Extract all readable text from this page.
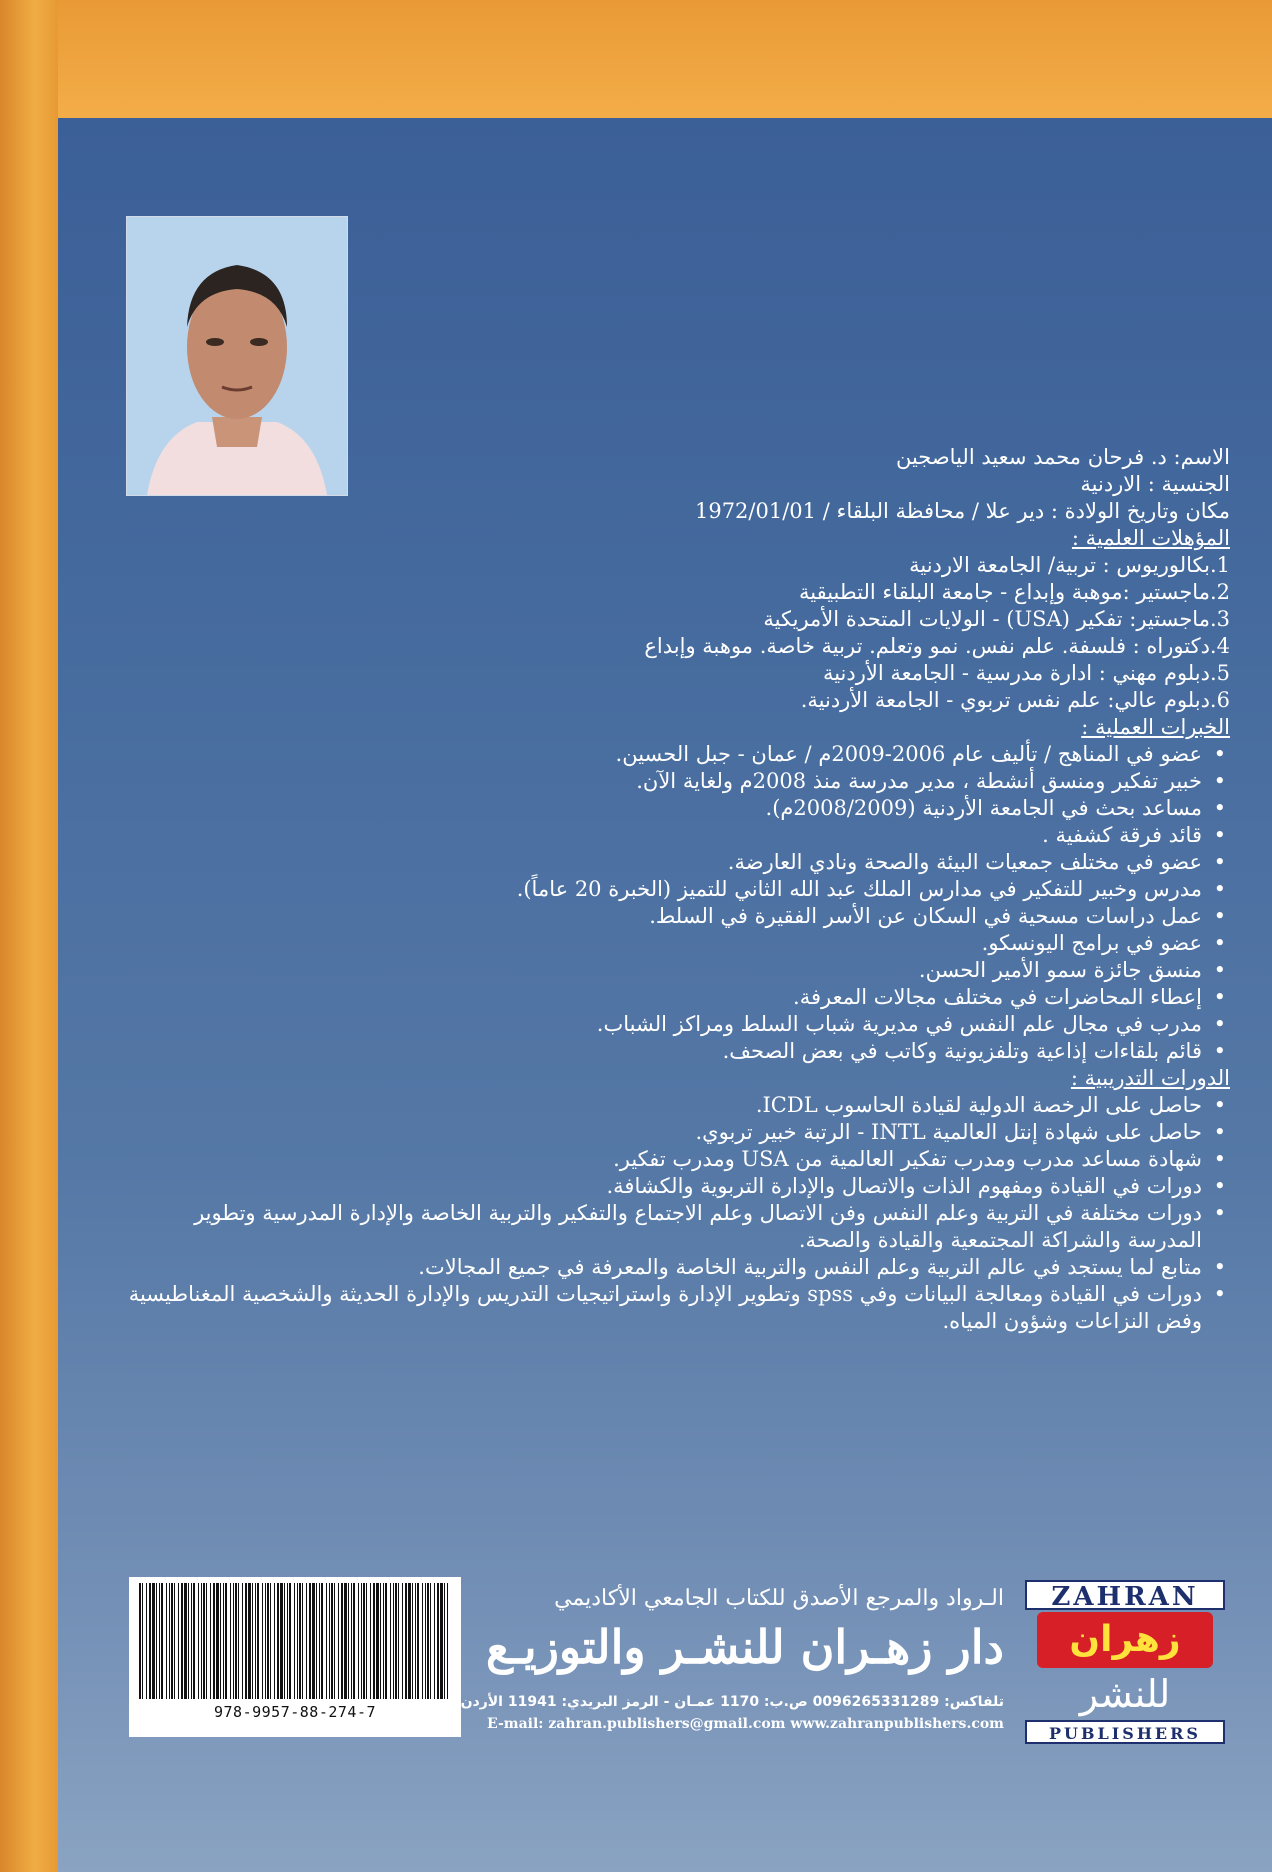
الاسم: د. فرحان محمد سعيد الياصجين
الجنسية : الاردنية
مكان وتاريخ الولادة : دير علا / محافظة البلقاء / 1972/01/01
المؤهلات العلمية :
1.بكالوريوس : تربية/ الجامعة الاردنية
2.ماجستير :موهبة وإبداع - جامعة البلقاء التطبيقية
3.ماجستير: تفكير (USA) - الولايات المتحدة الأمريكية
4.دكتوراه : فلسفة. علم نفس. نمو وتعلم. تربية خاصة. موهبة وإبداع
5.دبلوم مهني : ادارة مدرسية - الجامعة الأردنية
6.دبلوم عالي: علم نفس تربوي - الجامعة الأردنية.
الخبرات العملية :
• عضو في المناهج / تأليف عام 2006-2009م / عمان - جبل الحسين.
• خبير تفكير ومنسق أنشطة ، مدير مدرسة منذ 2008م ولغاية الآن.
• مساعد بحث في الجامعة الأردنية (2008/2009م).
• قائد فرقة كشفية .
• عضو في مختلف جمعيات البيئة والصحة ونادي العارضة.
• مدرس وخبير للتفكير في مدارس الملك عبد الله الثاني للتميز (الخبرة 20 عاماً).
• عمل دراسات مسحية في السكان عن الأسر الفقيرة في السلط.
• عضو في برامج اليونسكو.
• منسق جائزة سمو الأمير الحسن.
• إعطاء المحاضرات في مختلف مجالات المعرفة.
• مدرب في مجال علم النفس في مديرية شباب السلط ومراكز الشباب.
• قائم بلقاءات إذاعية وتلفزيونية وكاتب في بعض الصحف.
الدورات التدريبية :
• حاصل على الرخصة الدولية لقيادة الحاسوب ICDL.
• حاصل على شهادة إنتل العالمية INTL - الرتبة خبير تربوي.
• شهادة مساعد مدرب ومدرب تفكير العالمية من USA ومدرب تفكير.
• دورات في القيادة ومفهوم الذات والاتصال والإدارة التربوية والكشافة.
• دورات مختلفة في التربية وعلم النفس وفن الاتصال وعلم الاجتماع والتفكير والتربية الخاصة والإدارة المدرسية وتطوير المدرسة والشراكة المجتمعية والقيادة والصحة.
• متابع لما يستجد في عالم التربية وعلم النفس والتربية الخاصة والمعرفة في جميع المجالات.
• دورات في القيادة ومعالجة البيانات وفي spss وتطوير الإدارة واستراتيجيات التدريس والإدارة الحديثة والشخصية المغناطيسية وفض النزاعات وشؤون المياه.
978-9957-88-274-7
الـرواد والمرجع الأصدق للكتاب الجامعي الأكاديمي
دار زهـران للنشـر والتوزيـع
تلفاكس: 0096265331289 ص.ب: 1170 عمـان - الرمز البريدي: 11941 الأردن
E-mail: zahran.publishers@gmail.com www.zahranpublishers.com
ZAHRAN
زهران
للنشر
PUBLISHERS
